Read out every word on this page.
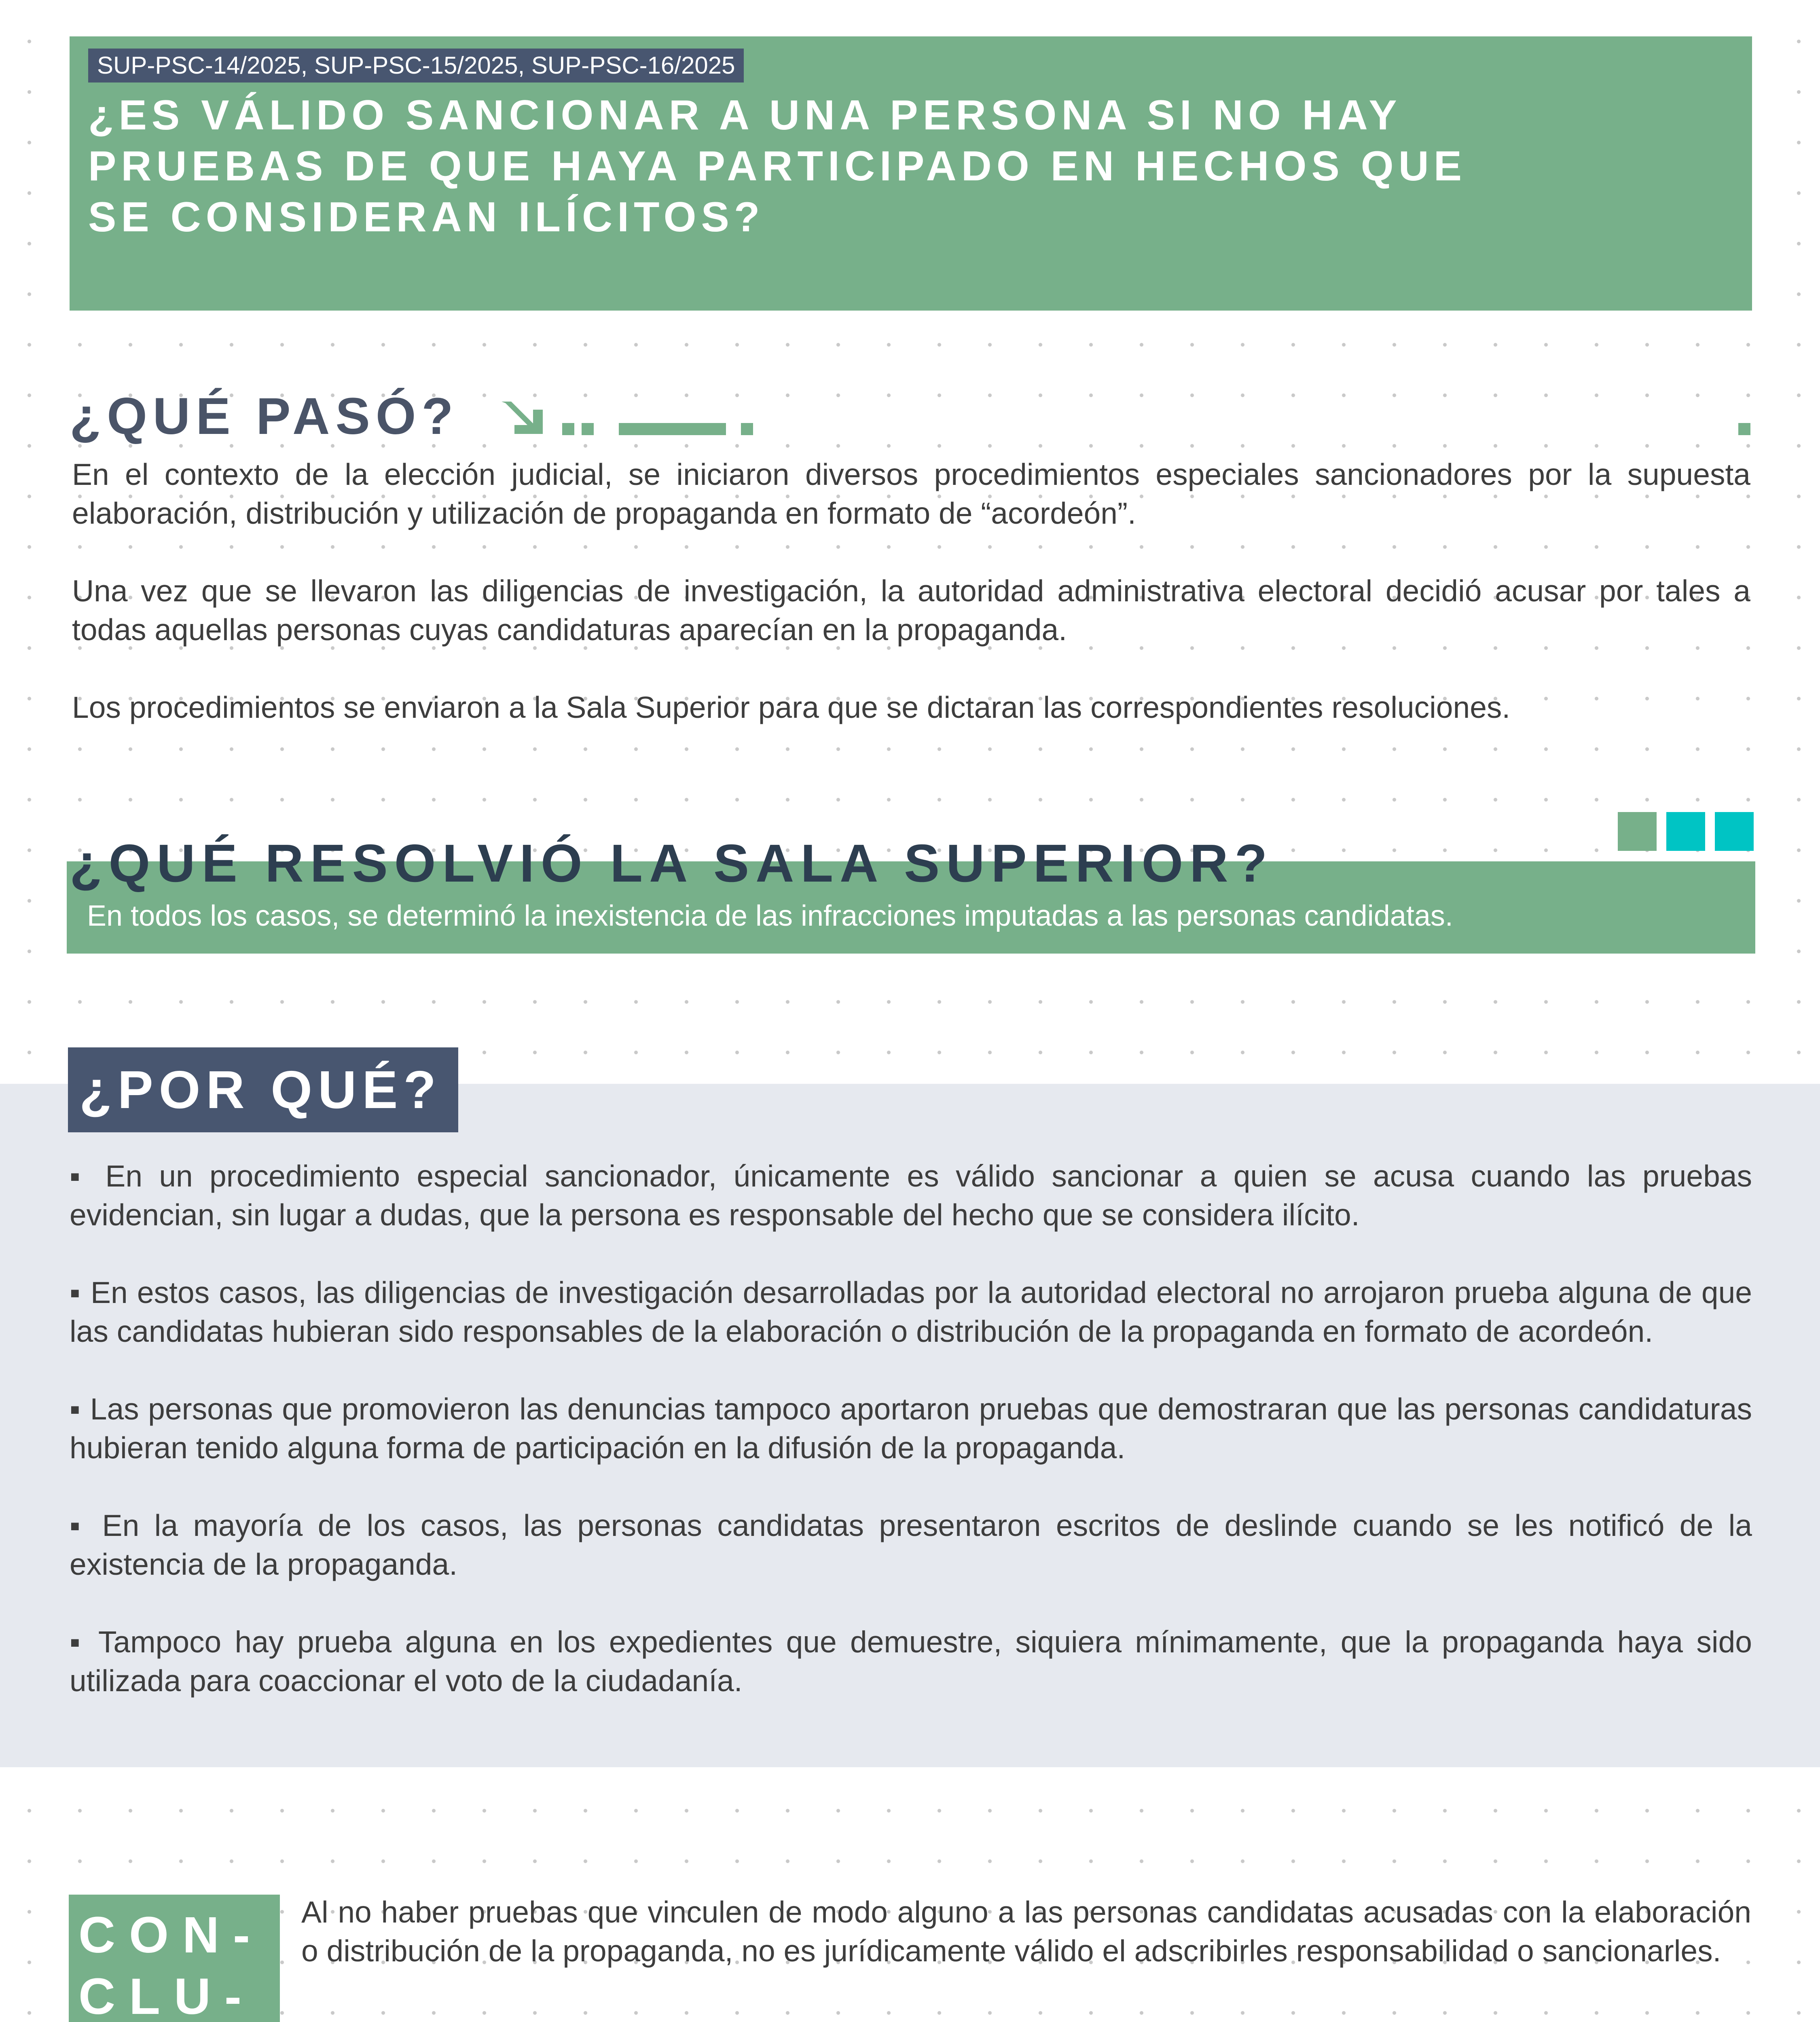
SUP-PSC-14/2025, SUP-PSC-15/2025, SUP-PSC-16/2025
¿ES VÁLIDO SANCIONAR A UNA PERSONA SI NO HAY
PRUEBAS DE QUE HAYA PARTICIPADO EN HECHOS QUE
SE CONSIDERAN ILÍCITOS?
¿QUÉ PASÓ?

En el contexto de la elección judicial, se iniciaron diversos procedimientos especiales sancionadores por la supuesta elaboración, distribución y utilización de propaganda en formato de “acordeón”.

Una vez que se llevaron las diligencias de investigación, la autoridad administrativa electoral decidió acusar por tales a todas aquellas personas cuyas candidaturas aparecían en la propaganda.

Los procedimientos se enviaron a la Sala Superior para que se dictaran las correspondientes resoluciones.

¿QUÉ RESOLVIÓ LA SALA SUPERIOR?
En todos los casos, se determinó la inexistencia de las infracciones imputadas a las personas candidatas.
¿POR QUÉ?

▪ En un procedimiento especial sancionador, únicamente es válido sancionar a quien se acusa cuando las pruebas evidencian, sin lugar a dudas, que la persona es responsable del hecho que se considera ilícito.

▪ En estos casos, las diligencias de investigación desarrolladas por la autoridad electoral no arrojaron prueba alguna de que las candidatas hubieran sido responsables de la elaboración o distribución de la propaganda en formato de acordeón.

▪ Las personas que promovieron las denuncias tampoco aportaron pruebas que demostraran que las personas candidaturas hubieran tenido alguna forma de participación en la difusión de la propaganda.

▪ En la mayoría de los casos, las personas candidatas presentaron escritos de deslinde cuando se les notificó de la existencia de la propaganda.

▪ Tampoco hay prueba alguna en los expedientes que demuestre, siquiera mínimamente, que la propaganda haya sido utilizada para coaccionar el voto de la ciudadanía.

CON-
CLU-
Al no haber pruebas que vinculen de modo alguno a las personas candidatas acusadas con la elaboración o distribución de la propaganda, no es jurídicamente válido el adscribirles responsabilidad o sancionarles.
